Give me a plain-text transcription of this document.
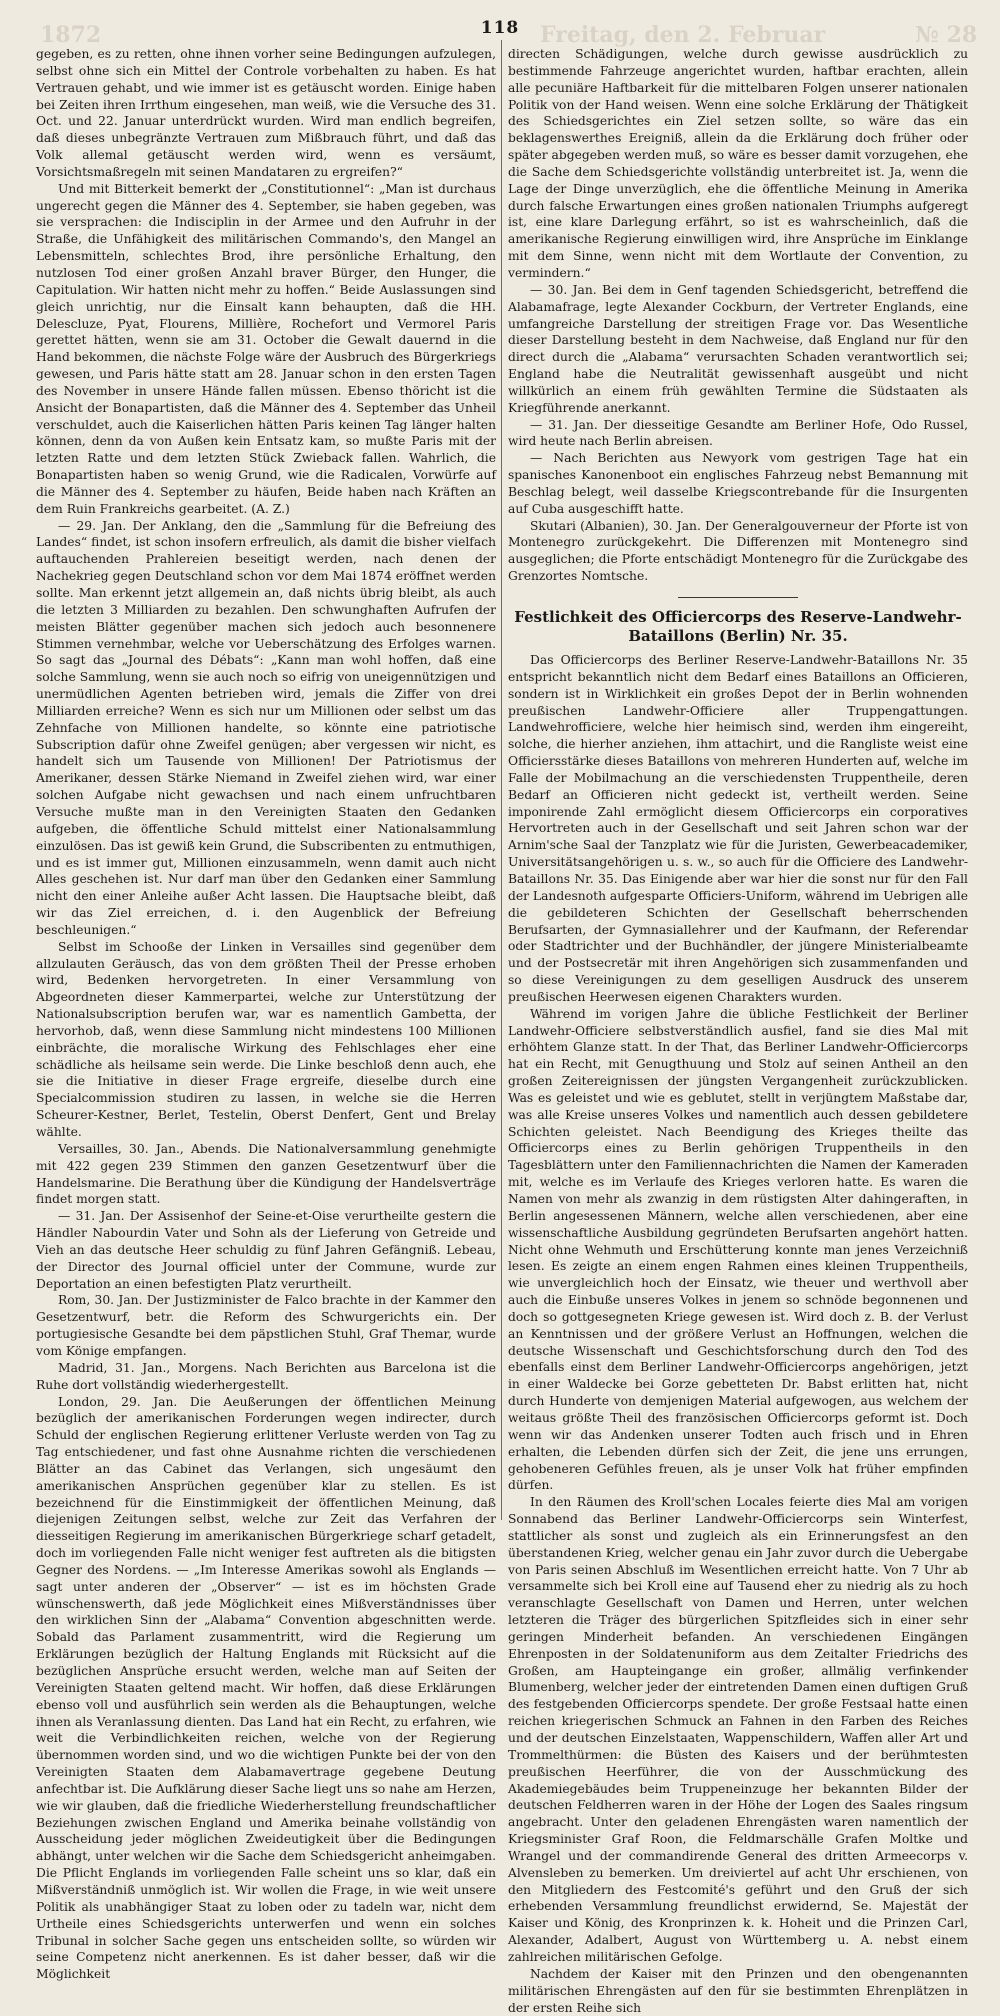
1872	Freitag, den 2. Februar	№ 28
118

gegeben, es zu retten, ohne ihnen vorher seine Bedingungen aufzulegen, selbst ohne sich ein Mittel der Controle vorbehalten zu haben. Es hat Vertrauen gehabt, und wie immer ist es getäuscht worden. Einige haben bei Zeiten ihren Irrthum eingesehen, man weiß, wie die Versuche des 31. Oct. und 22. Januar unterdrückt wurden. Wird man endlich begreifen, daß dieses unbegränzte Vertrauen zum Mißbrauch führt, und daß das Volk allemal getäuscht werden wird, wenn es versäumt, Vorsichtsmaßregeln mit seinen Mandataren zu ergreifen?“

Und mit Bitterkeit bemerkt der „Constitutionnel“: „Man ist durchaus ungerecht gegen die Männer des 4. September, sie haben gegeben, was sie versprachen: die Indisciplin in der Armee und den Aufruhr in der Straße, die Unfähigkeit des militärischen Commando's, den Mangel an Lebensmitteln, schlechtes Brod, ihre persönliche Erhaltung, den nutzlosen Tod einer großen Anzahl braver Bürger, den Hunger, die Capitulation. Wir hatten nicht mehr zu hoffen.“ Beide Auslassungen sind gleich unrichtig, nur die Einsalt kann behaupten, daß die HH. Delescluze, Pyat, Flourens, Millière, Rochefort und Vermorel Paris gerettet hätten, wenn sie am 31. October die Gewalt dauernd in die Hand bekommen, die nächste Folge wäre der Ausbruch des Bürgerkriegs gewesen, und Paris hätte statt am 28. Januar schon in den ersten Tagen des November in unsere Hände fallen müssen. Ebenso thöricht ist die Ansicht der Bonapartisten, daß die Männer des 4. September das Unheil verschuldet, auch die Kaiserlichen hätten Paris keinen Tag länger halten können, denn da von Außen kein Entsatz kam, so mußte Paris mit der letzten Ratte und dem letzten Stück Zwieback fallen. Wahrlich, die Bonapartisten haben so wenig Grund, wie die Radicalen, Vorwürfe auf die Männer des 4. September zu häufen, Beide haben nach Kräften an dem Ruin Frankreichs gearbeitet. (A. Z.)

— 29. Jan. Der Anklang, den die „Sammlung für die Befreiung des Landes“ findet, ist schon insofern erfreulich, als damit die bisher vielfach auftauchenden Prahlereien beseitigt werden, nach denen der Nachekrieg gegen Deutschland schon vor dem Mai 1874 eröffnet werden sollte. Man erkennt jetzt allgemein an, daß nichts übrig bleibt, als auch die letzten 3 Milliarden zu bezahlen. Den schwunghaften Aufrufen der meisten Blätter gegenüber machen sich jedoch auch besonnenere Stimmen vernehmbar, welche vor Ueberschätzung des Erfolges warnen. So sagt das „Journal des Débats“: „Kann man wohl hoffen, daß eine solche Sammlung, wenn sie auch noch so eifrig von uneigennützigen und unermüdlichen Agenten betrieben wird, jemals die Ziffer von drei Milliarden erreiche? Wenn es sich nur um Millionen oder selbst um das Zehnfache von Millionen handelte, so könnte eine patriotische Subscription dafür ohne Zweifel genügen; aber vergessen wir nicht, es handelt sich um Tausende von Millionen! Der Patriotismus der Amerikaner, dessen Stärke Niemand in Zweifel ziehen wird, war einer solchen Aufgabe nicht gewachsen und nach einem unfruchtbaren Versuche mußte man in den Vereinigten Staaten den Gedanken aufgeben, die öffentliche Schuld mittelst einer Nationalsammlung einzulösen. Das ist gewiß kein Grund, die Subscribenten zu entmuthigen, und es ist immer gut, Millionen einzusammeln, wenn damit auch nicht Alles geschehen ist. Nur darf man über den Gedanken einer Sammlung nicht den einer Anleihe außer Acht lassen. Die Hauptsache bleibt, daß wir das Ziel erreichen, d. i. den Augenblick der Befreiung beschleunigen.“

Selbst im Schooße der Linken in Versailles sind gegenüber dem allzulauten Geräusch, das von dem größten Theil der Presse erhoben wird, Bedenken hervorgetreten. In einer Versammlung von Abgeordneten dieser Kammerpartei, welche zur Unterstützung der Nationalsubscription berufen war, war es namentlich Gambetta, der hervorhob, daß, wenn diese Sammlung nicht mindestens 100 Millionen einbrächte, die moralische Wirkung des Fehlschlages eher eine schädliche als heilsame sein werde. Die Linke beschloß denn auch, ehe sie die Initiative in dieser Frage ergreife, dieselbe durch eine Specialcommission studiren zu lassen, in welche sie die Herren Scheurer-Kestner, Berlet, Testelin, Oberst Denfert, Gent und Brelay wählte.

Versailles, 30. Jan., Abends. Die Nationalversammlung genehmigte mit 422 gegen 239 Stimmen den ganzen Gesetzentwurf über die Handelsmarine. Die Berathung über die Kündigung der Handelsverträge findet morgen statt.

— 31. Jan. Der Assisenhof der Seine-et-Oise verurtheilte gestern die Händler Nabourdin Vater und Sohn als der Lieferung von Getreide und Vieh an das deutsche Heer schuldig zu fünf Jahren Gefängniß. Lebeau, der Director des Journal officiel unter der Commune, wurde zur Deportation an einen befestigten Platz verurtheilt.

Rom, 30. Jan. Der Justizminister de Falco brachte in der Kammer den Gesetzentwurf, betr. die Reform des Schwurgerichts ein. Der portugiesische Gesandte bei dem päpstlichen Stuhl, Graf Themar, wurde vom Könige empfangen.

Madrid, 31. Jan., Morgens. Nach Berichten aus Barcelona ist die Ruhe dort vollständig wiederhergestellt.

London, 29. Jan. Die Aeußerungen der öffentlichen Meinung bezüglich der amerikanischen Forderungen wegen indirecter, durch Schuld der englischen Regierung erlittener Verluste werden von Tag zu Tag entschiedener, und fast ohne Ausnahme richten die verschiedenen Blätter an das Cabinet das Verlangen, sich ungesäumt den amerikanischen Ansprüchen gegenüber klar zu stellen. Es ist bezeichnend für die Einstimmigkeit der öffentlichen Meinung, daß diejenigen Zeitungen selbst, welche zur Zeit das Verfahren der diesseitigen Regierung im amerikanischen Bürgerkriege scharf getadelt, doch im vorliegenden Falle nicht weniger fest auftreten als die bitigsten Gegner des Nordens. — „Im Interesse Amerikas sowohl als Englands — sagt unter anderen der „Observer“ — ist es im höchsten Grade wünschenswerth, daß jede Möglichkeit eines Mißverständnisses über den wirklichen Sinn der „Alabama“ Convention abgeschnitten werde. Sobald das Parlament zusammentritt, wird die Regierung um Erklärungen bezüglich der Haltung Englands mit Rücksicht auf die bezüglichen Ansprüche ersucht werden, welche man auf Seiten der Vereinigten Staaten geltend macht. Wir hoffen, daß diese Erklärungen ebenso voll und ausführlich sein werden als die Behauptungen, welche ihnen als Veranlassung dienten. Das Land hat ein Recht, zu erfahren, wie weit die Verbindlichkeiten reichen, welche von der Regierung übernommen worden sind, und wo die wichtigen Punkte bei der von den Vereinigten Staaten dem Alabamavertrage gegebene Deutung anfechtbar ist. Die Aufklärung dieser Sache liegt uns so nahe am Herzen, wie wir glauben, daß die friedliche Wiederherstellung freundschaftlicher Beziehungen zwischen England und Amerika beinahe vollständig von Ausscheidung jeder möglichen Zweideutigkeit über die Bedingungen abhängt, unter welchen wir die Sache dem Schiedsgericht anheimgaben. Die Pflicht Englands im vorliegenden Falle scheint uns so klar, daß ein Mißverständniß unmöglich ist. Wir wollen die Frage, in wie weit unsere Politik als unabhängiger Staat zu loben oder zu tadeln war, nicht dem Urtheile eines Schiedsgerichts unterwerfen und wenn ein solches Tribunal in solcher Sache gegen uns entscheiden sollte, so würden wir seine Competenz nicht anerkennen. Es ist daher besser, daß wir die Möglichkeit

directen Schädigungen, welche durch gewisse ausdrücklich zu bestimmende Fahrzeuge angerichtet wurden, haftbar erachten, allein alle pecuniäre Haftbarkeit für die mittelbaren Folgen unserer nationalen Politik von der Hand weisen. Wenn eine solche Erklärung der Thätigkeit des Schiedsgerichtes ein Ziel setzen sollte, so wäre das ein beklagenswerthes Ereigniß, allein da die Erklärung doch früher oder später abgegeben werden muß, so wäre es besser damit vorzugehen, ehe die Sache dem Schiedsgerichte vollständig unterbreitet ist. Ja, wenn die Lage der Dinge unverzüglich, ehe die öffentliche Meinung in Amerika durch falsche Erwartungen eines großen nationalen Triumphs aufgeregt ist, eine klare Darlegung erfährt, so ist es wahrscheinlich, daß die amerikanische Regierung einwilligen wird, ihre Ansprüche im Einklange mit dem Sinne, wenn nicht mit dem Wortlaute der Convention, zu vermindern.“

— 30. Jan. Bei dem in Genf tagenden Schiedsgericht, betreffend die Alabamafrage, legte Alexander Cockburn, der Vertreter Englands, eine umfangreiche Darstellung der streitigen Frage vor. Das Wesentliche dieser Darstellung besteht in dem Nachweise, daß England nur für den direct durch die „Alabama“ verursachten Schaden verantwortlich sei; England habe die Neutralität gewissenhaft ausgeübt und nicht willkürlich an einem früh gewählten Termine die Südstaaten als Kriegführende anerkannt.

— 31. Jan. Der diesseitige Gesandte am Berliner Hofe, Odo Russel, wird heute nach Berlin abreisen.

— Nach Berichten aus Newyork vom gestrigen Tage hat ein spanisches Kanonenboot ein englisches Fahrzeug nebst Bemannung mit Beschlag belegt, weil dasselbe Kriegscontrebande für die Insurgenten auf Cuba ausgeschifft hatte.

Skutari (Albanien), 30. Jan. Der Generalgouverneur der Pforte ist von Montenegro zurückgekehrt. Die Differenzen mit Montenegro sind ausgeglichen; die Pforte entschädigt Montenegro für die Zurückgabe des Grenzortes Nomtsche.

Festlichkeit des Officiercorps des Reserve-Landwehr-Bataillons (Berlin) Nr. 35.

Das Officiercorps des Berliner Reserve-Landwehr-Bataillons Nr. 35 entspricht bekanntlich nicht dem Bedarf eines Bataillons an Officieren, sondern ist in Wirklichkeit ein großes Depot der in Berlin wohnenden preußischen Landwehr-Officiere aller Truppengattungen. Landwehrofficiere, welche hier heimisch sind, werden ihm eingereiht, solche, die hierher anziehen, ihm attachirt, und die Rangliste weist eine Officiersstärke dieses Bataillons von mehreren Hunderten auf, welche im Falle der Mobilmachung an die verschiedensten Truppentheile, deren Bedarf an Officieren nicht gedeckt ist, vertheilt werden. Seine imponirende Zahl ermöglicht diesem Officiercorps ein corporatives Hervortreten auch in der Gesellschaft und seit Jahren schon war der Arnim'sche Saal der Tanzplatz wie für die Juristen, Gewerbeacademiker, Universitätsangehörigen u. s. w., so auch für die Officiere des Landwehr-Bataillons Nr. 35. Das Einigende aber war hier die sonst nur für den Fall der Landesnoth aufgesparte Officiers-Uniform, während im Uebrigen alle die gebildeteren Schichten der Gesellschaft beherrschenden Berufsarten, der Gymnasiallehrer und der Kaufmann, der Referendar oder Stadtrichter und der Buchhändler, der jüngere Ministerialbeamte und der Postsecretär mit ihren Angehörigen sich zusammenfanden und so diese Vereinigungen zu dem geselligen Ausdruck des unserem preußischen Heerwesen eigenen Charakters wurden.

Während im vorigen Jahre die übliche Festlichkeit der Berliner Landwehr-Officiere selbstverständlich ausfiel, fand sie dies Mal mit erhöhtem Glanze statt. In der That, das Berliner Landwehr-Officiercorps hat ein Recht, mit Genugthuung und Stolz auf seinen Antheil an den großen Zeitereignissen der jüngsten Vergangenheit zurückzublicken. Was es geleistet und wie es geblutet, stellt in verjüngtem Maßstabe dar, was alle Kreise unseres Volkes und namentlich auch dessen gebildetere Schichten geleistet. Nach Beendigung des Krieges theilte das Officiercorps eines zu Berlin gehörigen Truppentheils in den Tagesblättern unter den Familiennachrichten die Namen der Kameraden mit, welche es im Verlaufe des Krieges verloren hatte. Es waren die Namen von mehr als zwanzig in dem rüstigsten Alter dahingeraften, in Berlin angesessenen Männern, welche allen verschiedenen, aber eine wissenschaftliche Ausbildung gegründeten Berufsarten angehört hatten. Nicht ohne Wehmuth und Erschütterung konnte man jenes Verzeichniß lesen. Es zeigte an einem engen Rahmen eines kleinen Truppentheils, wie unvergleichlich hoch der Einsatz, wie theuer und werthvoll aber auch die Einbuße unseres Volkes in jenem so schnöde begonnenen und doch so gottgesegneten Kriege gewesen ist. Wird doch z. B. der Verlust an Kenntnissen und der größere Verlust an Hoffnungen, welchen die deutsche Wissenschaft und Geschichtsforschung durch den Tod des ebenfalls einst dem Berliner Landwehr-Officiercorps angehörigen, jetzt in einer Waldecke bei Gorze gebetteten Dr. Babst erlitten hat, nicht durch Hunderte von demjenigen Material aufgewogen, aus welchem der weitaus größte Theil des französischen Officiercorps geformt ist. Doch wenn wir das Andenken unserer Todten auch frisch und in Ehren erhalten, die Lebenden dürfen sich der Zeit, die jene uns errungen, gehobeneren Gefühles freuen, als je unser Volk hat früher empfinden dürfen.

In den Räumen des Kroll'schen Locales feierte dies Mal am vorigen Sonnabend das Berliner Landwehr-Officiercorps sein Winterfest, stattlicher als sonst und zugleich als ein Erinnerungsfest an den überstandenen Krieg, welcher genau ein Jahr zuvor durch die Uebergabe von Paris seinen Abschluß im Wesentlichen erreicht hatte. Von 7 Uhr ab versammelte sich bei Kroll eine auf Tausend eher zu niedrig als zu hoch veranschlagte Gesellschaft von Damen und Herren, unter welchen letzteren die Träger des bürgerlichen Spitzfleides sich in einer sehr geringen Minderheit befanden. An verschiedenen Eingängen Ehrenposten in der Soldatenuniform aus dem Zeitalter Friedrichs des Großen, am Haupteingange ein großer, allmälig verfinkender Blumenberg, welcher jeder der eintretenden Damen einen duftigen Gruß des festgebenden Officiercorps spendete. Der große Festsaal hatte einen reichen kriegerischen Schmuck an Fahnen in den Farben des Reiches und der deutschen Einzelstaaten, Wappenschildern, Waffen aller Art und Trommelthürmen: die Büsten des Kaisers und der berühmtesten preußischen Heerführer, die von der Ausschmückung des Akademiegebäudes beim Truppeneinzuge her bekannten Bilder der deutschen Feldherren waren in der Höhe der Logen des Saales ringsum angebracht. Unter den geladenen Ehrengästen waren namentlich der Kriegsminister Graf Roon, die Feldmarschälle Grafen Moltke und Wrangel und der commandirende General des dritten Armeecorps v. Alvensleben zu bemerken. Um dreiviertel auf acht Uhr erschienen, von den Mitgliedern des Festcomité's geführt und den Gruß der sich erhebenden Versammlung freundlichst erwidernd, Se. Majestät der Kaiser und König, des Kronprinzen k. k. Hoheit und die Prinzen Carl, Alexander, Adalbert, August von Württemberg u. A. nebst einem zahlreichen militärischen Gefolge.

Nachdem der Kaiser mit den Prinzen und den obengenannten militärischen Ehrengästen auf den für sie bestimmten Ehrenplätzen in der ersten Reihe sich
